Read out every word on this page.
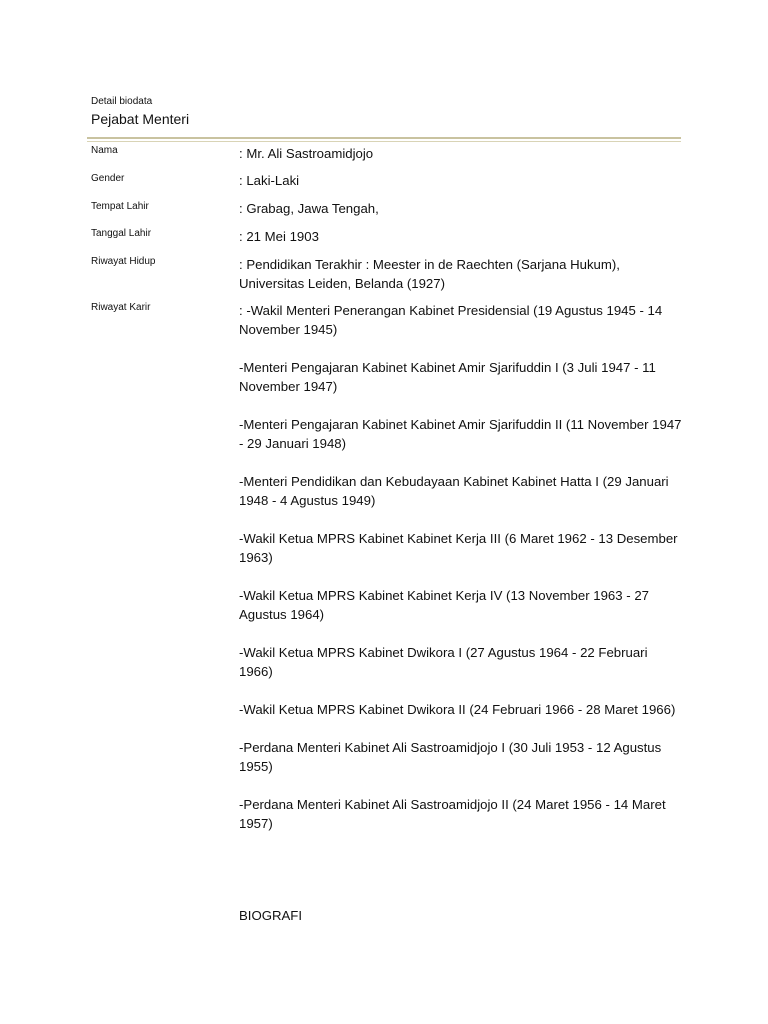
Detail biodata
Pejabat Menteri
Nama	: Mr. Ali Sastroamidjojo
Gender	: Laki-Laki
Tempat Lahir	: Grabag, Jawa Tengah,
Tanggal Lahir	: 21 Mei 1903
Riwayat Hidup	: Pendidikan Terakhir : Meester in de Raechten (Sarjana Hukum), Universitas Leiden, Belanda (1927)
Riwayat Karir	: -Wakil Menteri Penerangan Kabinet Presidensial (19 Agustus 1945 - 14 November 1945)

-Menteri Pengajaran Kabinet Kabinet Amir Sjarifuddin I (3 Juli 1947 - 11 November 1947)

-Menteri Pengajaran Kabinet Kabinet Amir Sjarifuddin II (11 November 1947 - 29 Januari 1948)

-Menteri Pendidikan dan Kebudayaan Kabinet Kabinet Hatta I (29 Januari 1948 - 4 Agustus 1949)

-Wakil Ketua MPRS Kabinet Kabinet Kerja III (6 Maret 1962 - 13 Desember 1963)

-Wakil Ketua MPRS Kabinet Kabinet Kerja IV (13 November 1963 - 27 Agustus 1964)

-Wakil Ketua MPRS Kabinet Dwikora I (27 Agustus 1964 - 22 Februari 1966)

-Wakil Ketua MPRS Kabinet Dwikora II (24 Februari 1966 - 28 Maret 1966)

-Perdana Menteri Kabinet Ali Sastroamidjojo I (30 Juli 1953 - 12 Agustus 1955)

-Perdana Menteri Kabinet Ali Sastroamidjojo II (24 Maret 1956 - 14 Maret 1957)

BIOGRAFI
